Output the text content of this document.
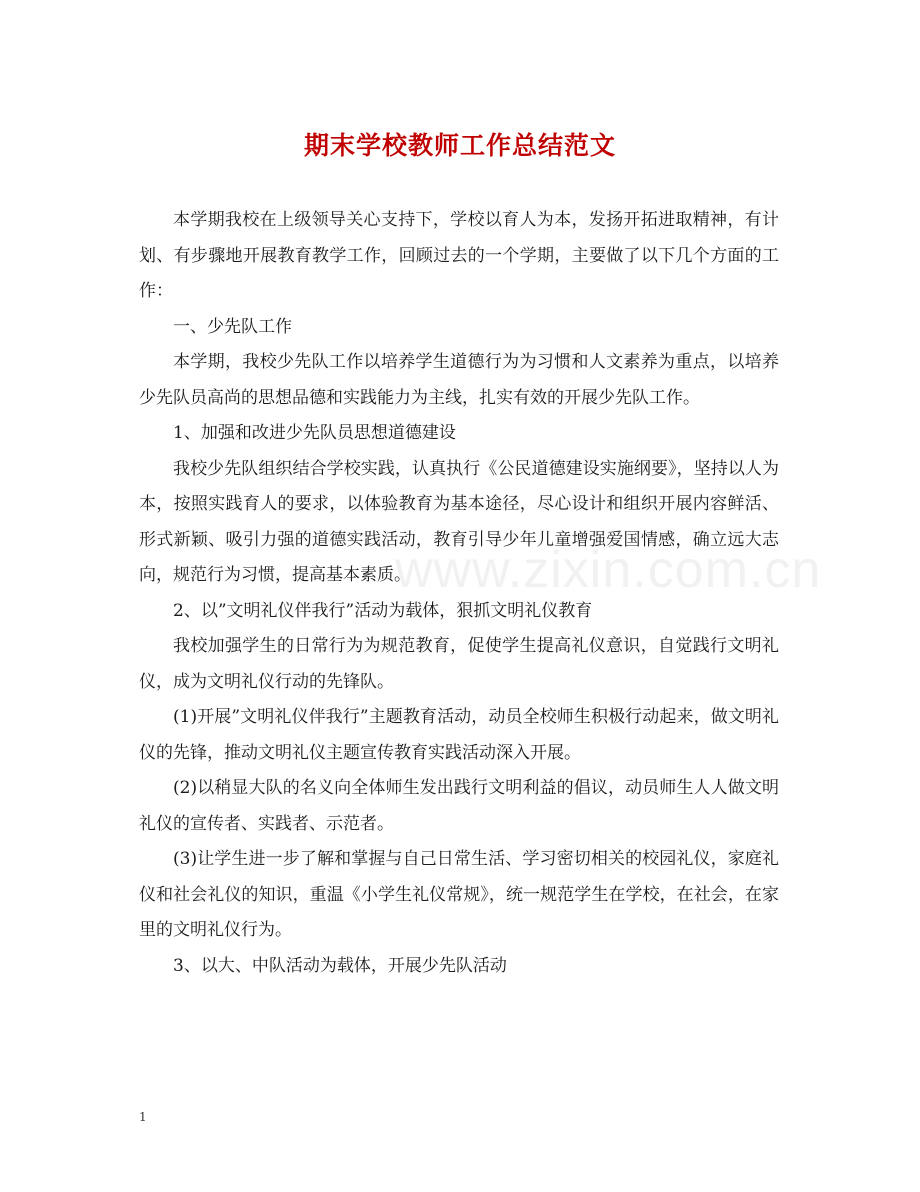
期末学校教师工作总结范文

本学期我校在上级领导关心支持下，学校以育人为本，发扬开拓进取精神，有计划、有步骤地开展教育教学工作，回顾过去的一个学期，主要做了以下几个方面的工作：

一、少先队工作

本学期，我校少先队工作以培养学生道德行为为习惯和人文素养为重点，以培养少先队员高尚的思想品德和实践能力为主线，扎实有效的开展少先队工作。

1、加强和改进少先队员思想道德建设

我校少先队组织结合学校实践，认真执行《公民道德建设实施纲要》，坚持以人为本，按照实践育人的要求，以体验教育为基本途径，尽心设计和组织开展内容鲜活、形式新颖、吸引力强的道德实践活动，教育引导少年儿童增强爱国情感，确立远大志向，规范行为习惯，提高基本素质。

2、以”文明礼仪伴我行”活动为载体，狠抓文明礼仪教育

我校加强学生的日常行为为规范教育，促使学生提高礼仪意识，自觉践行文明礼仪，成为文明礼仪行动的先锋队。

(1)开展”文明礼仪伴我行”主题教育活动，动员全校师生积极行动起来，做文明礼仪的先锋，推动文明礼仪主题宣传教育实践活动深入开展。

(2)以稍显大队的名义向全体师生发出践行文明利益的倡议，动员师生人人做文明礼仪的宣传者、实践者、示范者。

(3)让学生进一步了解和掌握与自己日常生活、学习密切相关的校园礼仪，家庭礼仪和社会礼仪的知识，重温《小学生礼仪常规》，统一规范学生在学校，在社会，在家里的文明礼仪行为。

3、以大、中队活动为载体，开展少先队活动

www.zixin.com.cn
1
